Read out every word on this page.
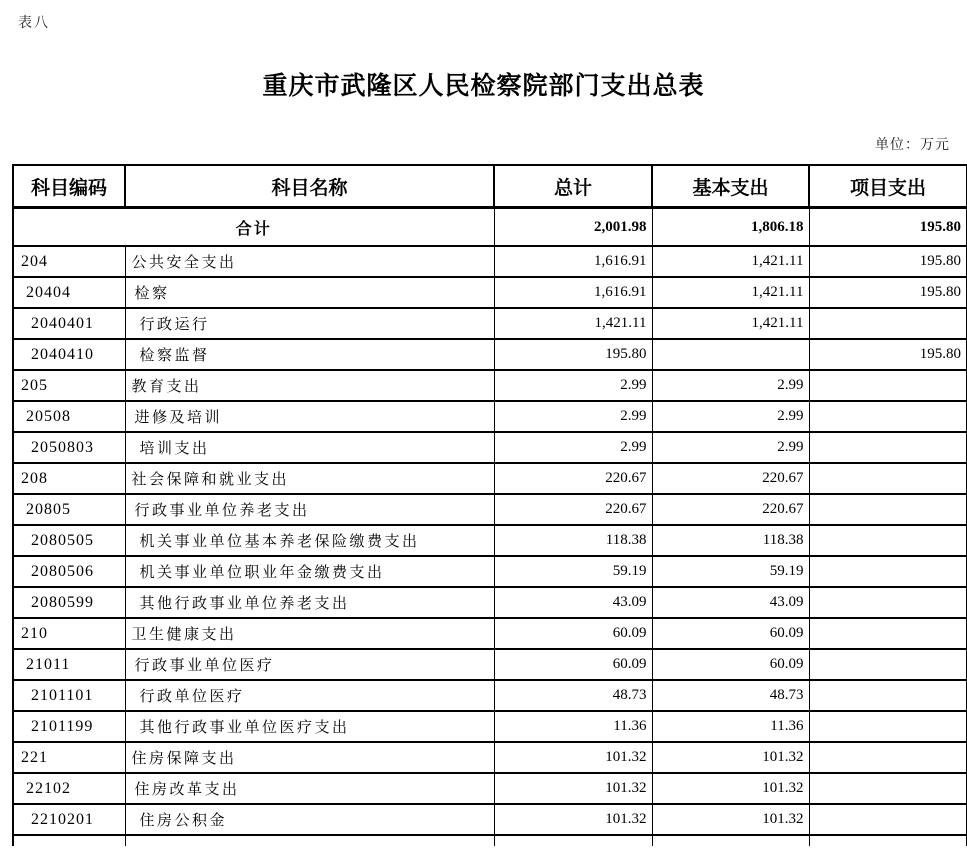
表八
重庆市武隆区人民检察院部门支出总表
单位：万元
科目编码	科目名称	总计	基本支出	项目支出
合计		2,001.98	1,806.18	195.80
204	公共安全支出	1,616.91	1,421.11	195.80
20404	检察	1,616.91	1,421.11	195.80
2040401	行政运行	1,421.11	1,421.11	
2040410	检察监督	195.80		195.80
205	教育支出	2.99	2.99	
20508	进修及培训	2.99	2.99	
2050803	培训支出	2.99	2.99	
208	社会保障和就业支出	220.67	220.67	
20805	行政事业单位养老支出	220.67	220.67	
2080505	机关事业单位基本养老保险缴费支出	118.38	118.38	
2080506	机关事业单位职业年金缴费支出	59.19	59.19	
2080599	其他行政事业单位养老支出	43.09	43.09	
210	卫生健康支出	60.09	60.09	
21011	行政事业单位医疗	60.09	60.09	
2101101	行政单位医疗	48.73	48.73	
2101199	其他行政事业单位医疗支出	11.36	11.36	
221	住房保障支出	101.32	101.32	
22102	住房改革支出	101.32	101.32	
2210201	住房公积金	101.32	101.32	
